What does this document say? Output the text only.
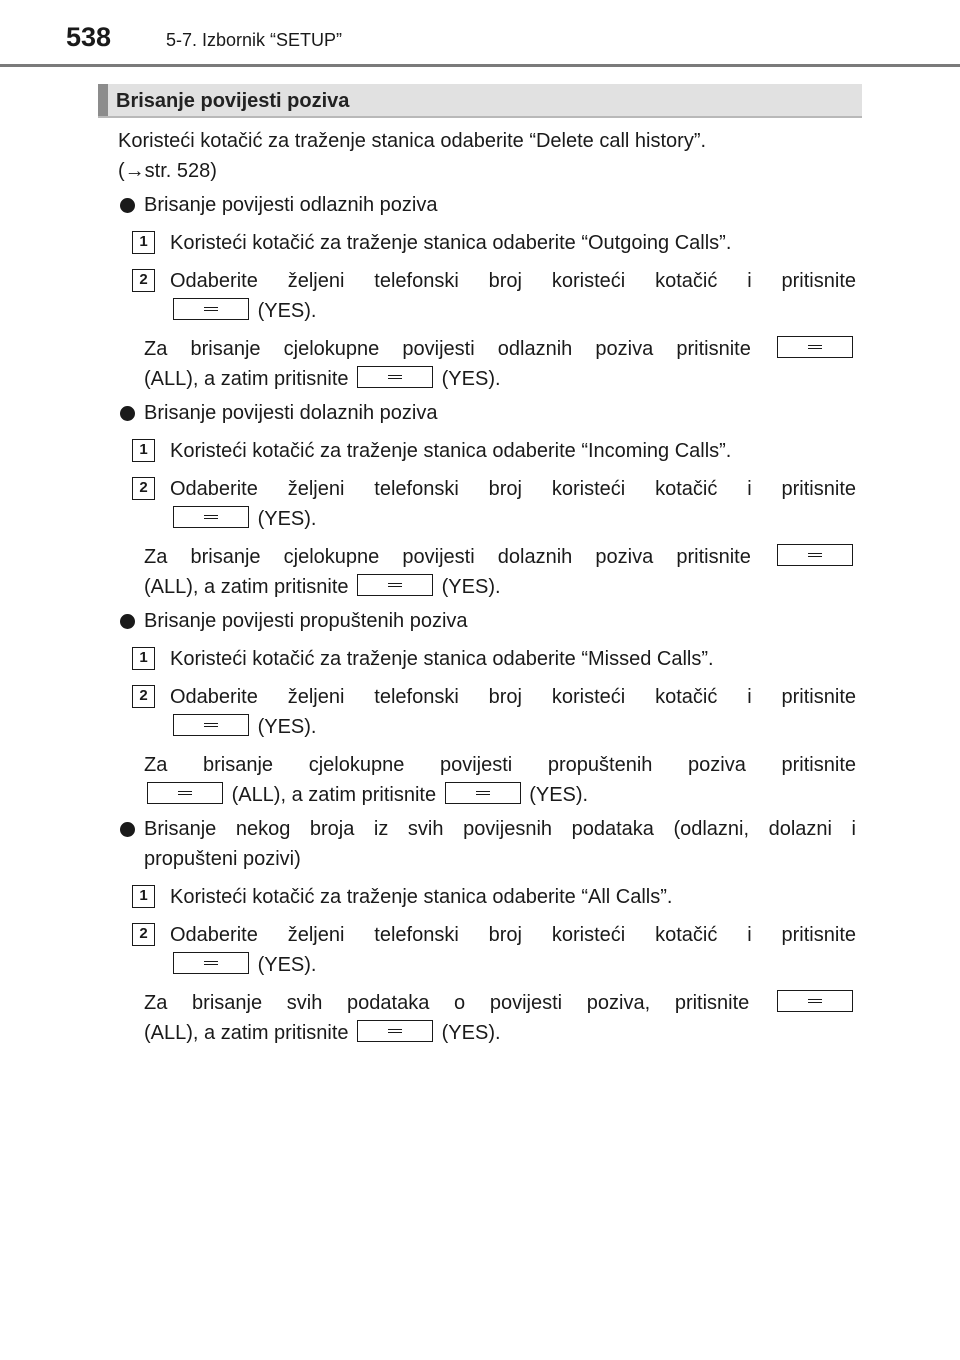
538	5-7. Izbornik “SETUP”
Brisanje povijesti poziva

Koristeći kotačić za traženje stanica odaberite “Delete call history”.

(→str. 528)

Brisanje povijesti odlaznih poziva
1	Koristeći kotačić za traženje stanica odaberite “Outgoing Calls”.

2	Odaberite željeni telefonski broj koristeći kotačić i pritisnite

(YES).

Za brisanje cjelokupne povijesti odlaznih poziva pritisnite

(ALL), a zatim pritisnite	(YES).

Brisanje povijesti dolaznih poziva
1	Koristeći kotačić za traženje stanica odaberite “Incoming Calls”.

2	Odaberite željeni telefonski broj koristeći kotačić i pritisnite

(YES).

Za brisanje cjelokupne povijesti dolaznih poziva pritisnite

(ALL), a zatim pritisnite	(YES).

Brisanje povijesti propuštenih poziva
1	Koristeći kotačić za traženje stanica odaberite “Missed Calls”.

2	Odaberite željeni telefonski broj koristeći kotačić i pritisnite

(YES).

Za brisanje cjelokupne povijesti propuštenih poziva pritisnite

(ALL), a zatim pritisnite	(YES).

Brisanje nekog broja iz svih povijesnih podataka (odlazni, dolazni i

propušteni pozivi)

1	Koristeći kotačić za traženje stanica odaberite “All Calls”.

2	Odaberite željeni telefonski broj koristeći kotačić i pritisnite

(YES).

Za brisanje svih podataka o povijesti poziva, pritisnite

(ALL), a zatim pritisnite	(YES).
